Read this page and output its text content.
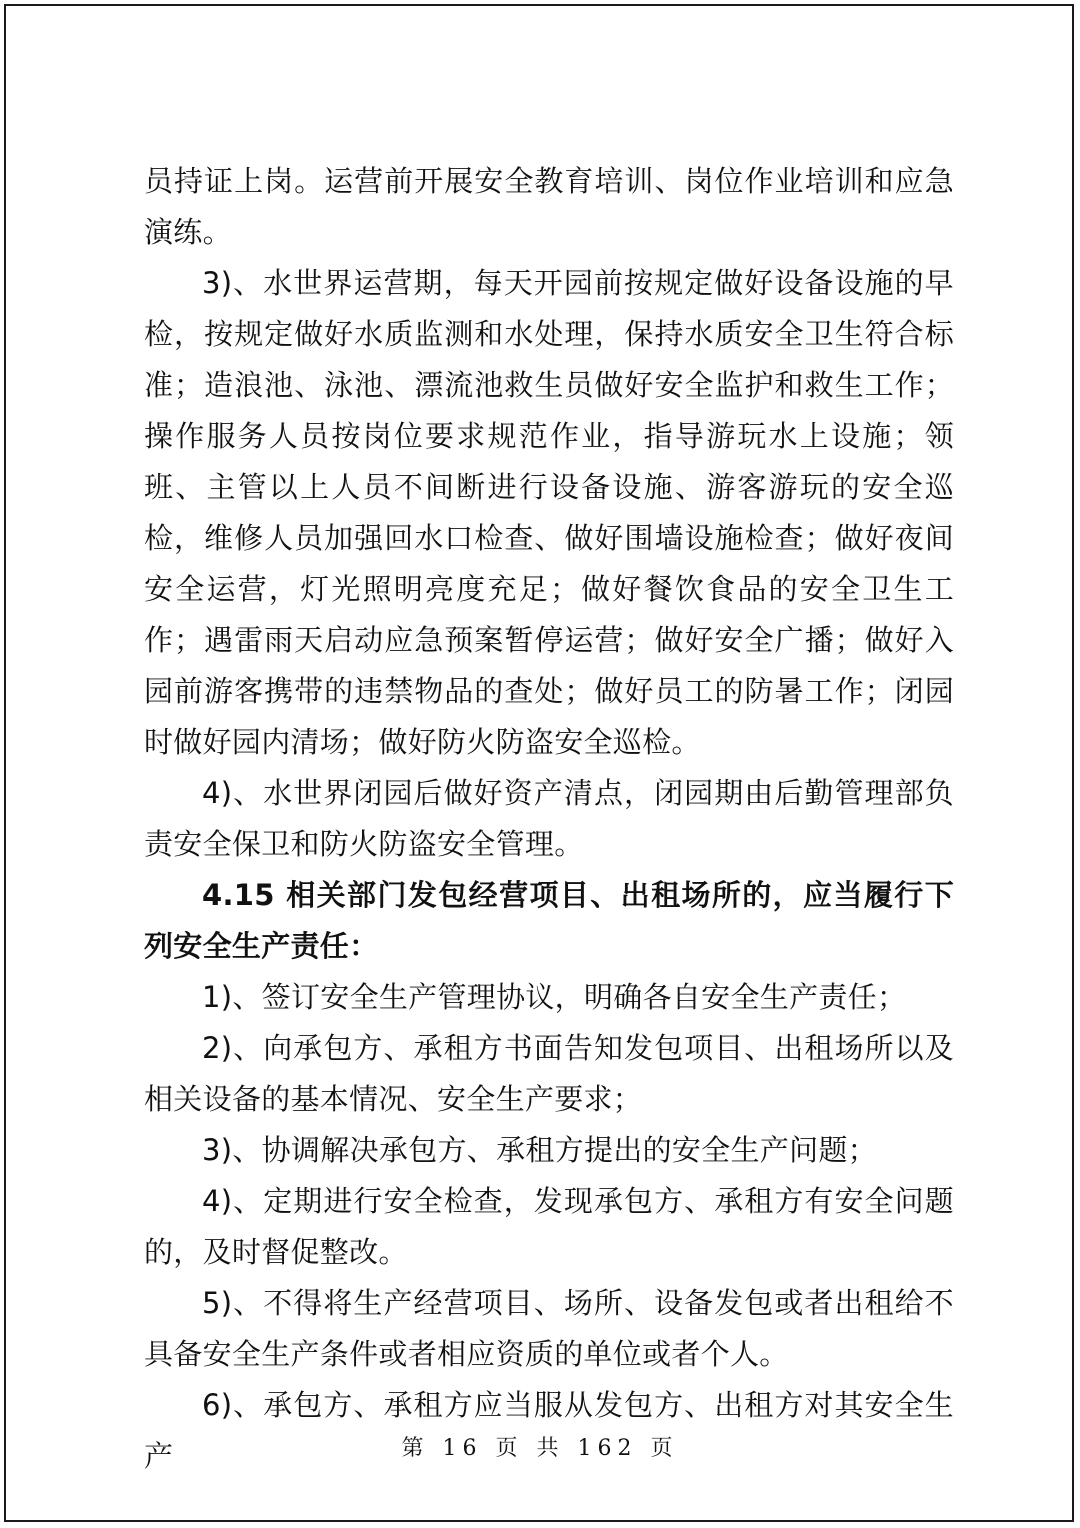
员持证上岗。运营前开展安全教育培训、岗位作业培训和应急演练。

3)、水世界运营期，每天开园前按规定做好设备设施的早检，按规定做好水质监测和水处理，保持水质安全卫生符合标准；造浪池、泳池、漂流池救生员做好安全监护和救生工作；操作服务人员按岗位要求规范作业，指导游玩水上设施；领班、主管以上人员不间断进行设备设施、游客游玩的安全巡检，维修人员加强回水口检查、做好围墙设施检查；做好夜间安全运营，灯光照明亮度充足；做好餐饮食品的安全卫生工作；遇雷雨天启动应急预案暂停运营；做好安全广播；做好入园前游客携带的违禁物品的查处；做好员工的防暑工作；闭园时做好园内清场；做好防火防盗安全巡检。

4)、水世界闭园后做好资产清点，闭园期由后勤管理部负责安全保卫和防火防盗安全管理。

4.15 相关部门发包经营项目、出租场所的，应当履行下列安全生产责任：

1)、签订安全生产管理协议，明确各自安全生产责任；

2)、向承包方、承租方书面告知发包项目、出租场所以及相关设备的基本情况、安全生产要求；

3)、协调解决承包方、承租方提出的安全生产问题；

4)、定期进行安全检查，发现承包方、承租方有安全问题的，及时督促整改。

5)、不得将生产经营项目、场所、设备发包或者出租给不具备安全生产条件或者相应资质的单位或者个人。

6)、承包方、承租方应当服从发包方、出租方对其安全生产	第 16 页 共 162 页
